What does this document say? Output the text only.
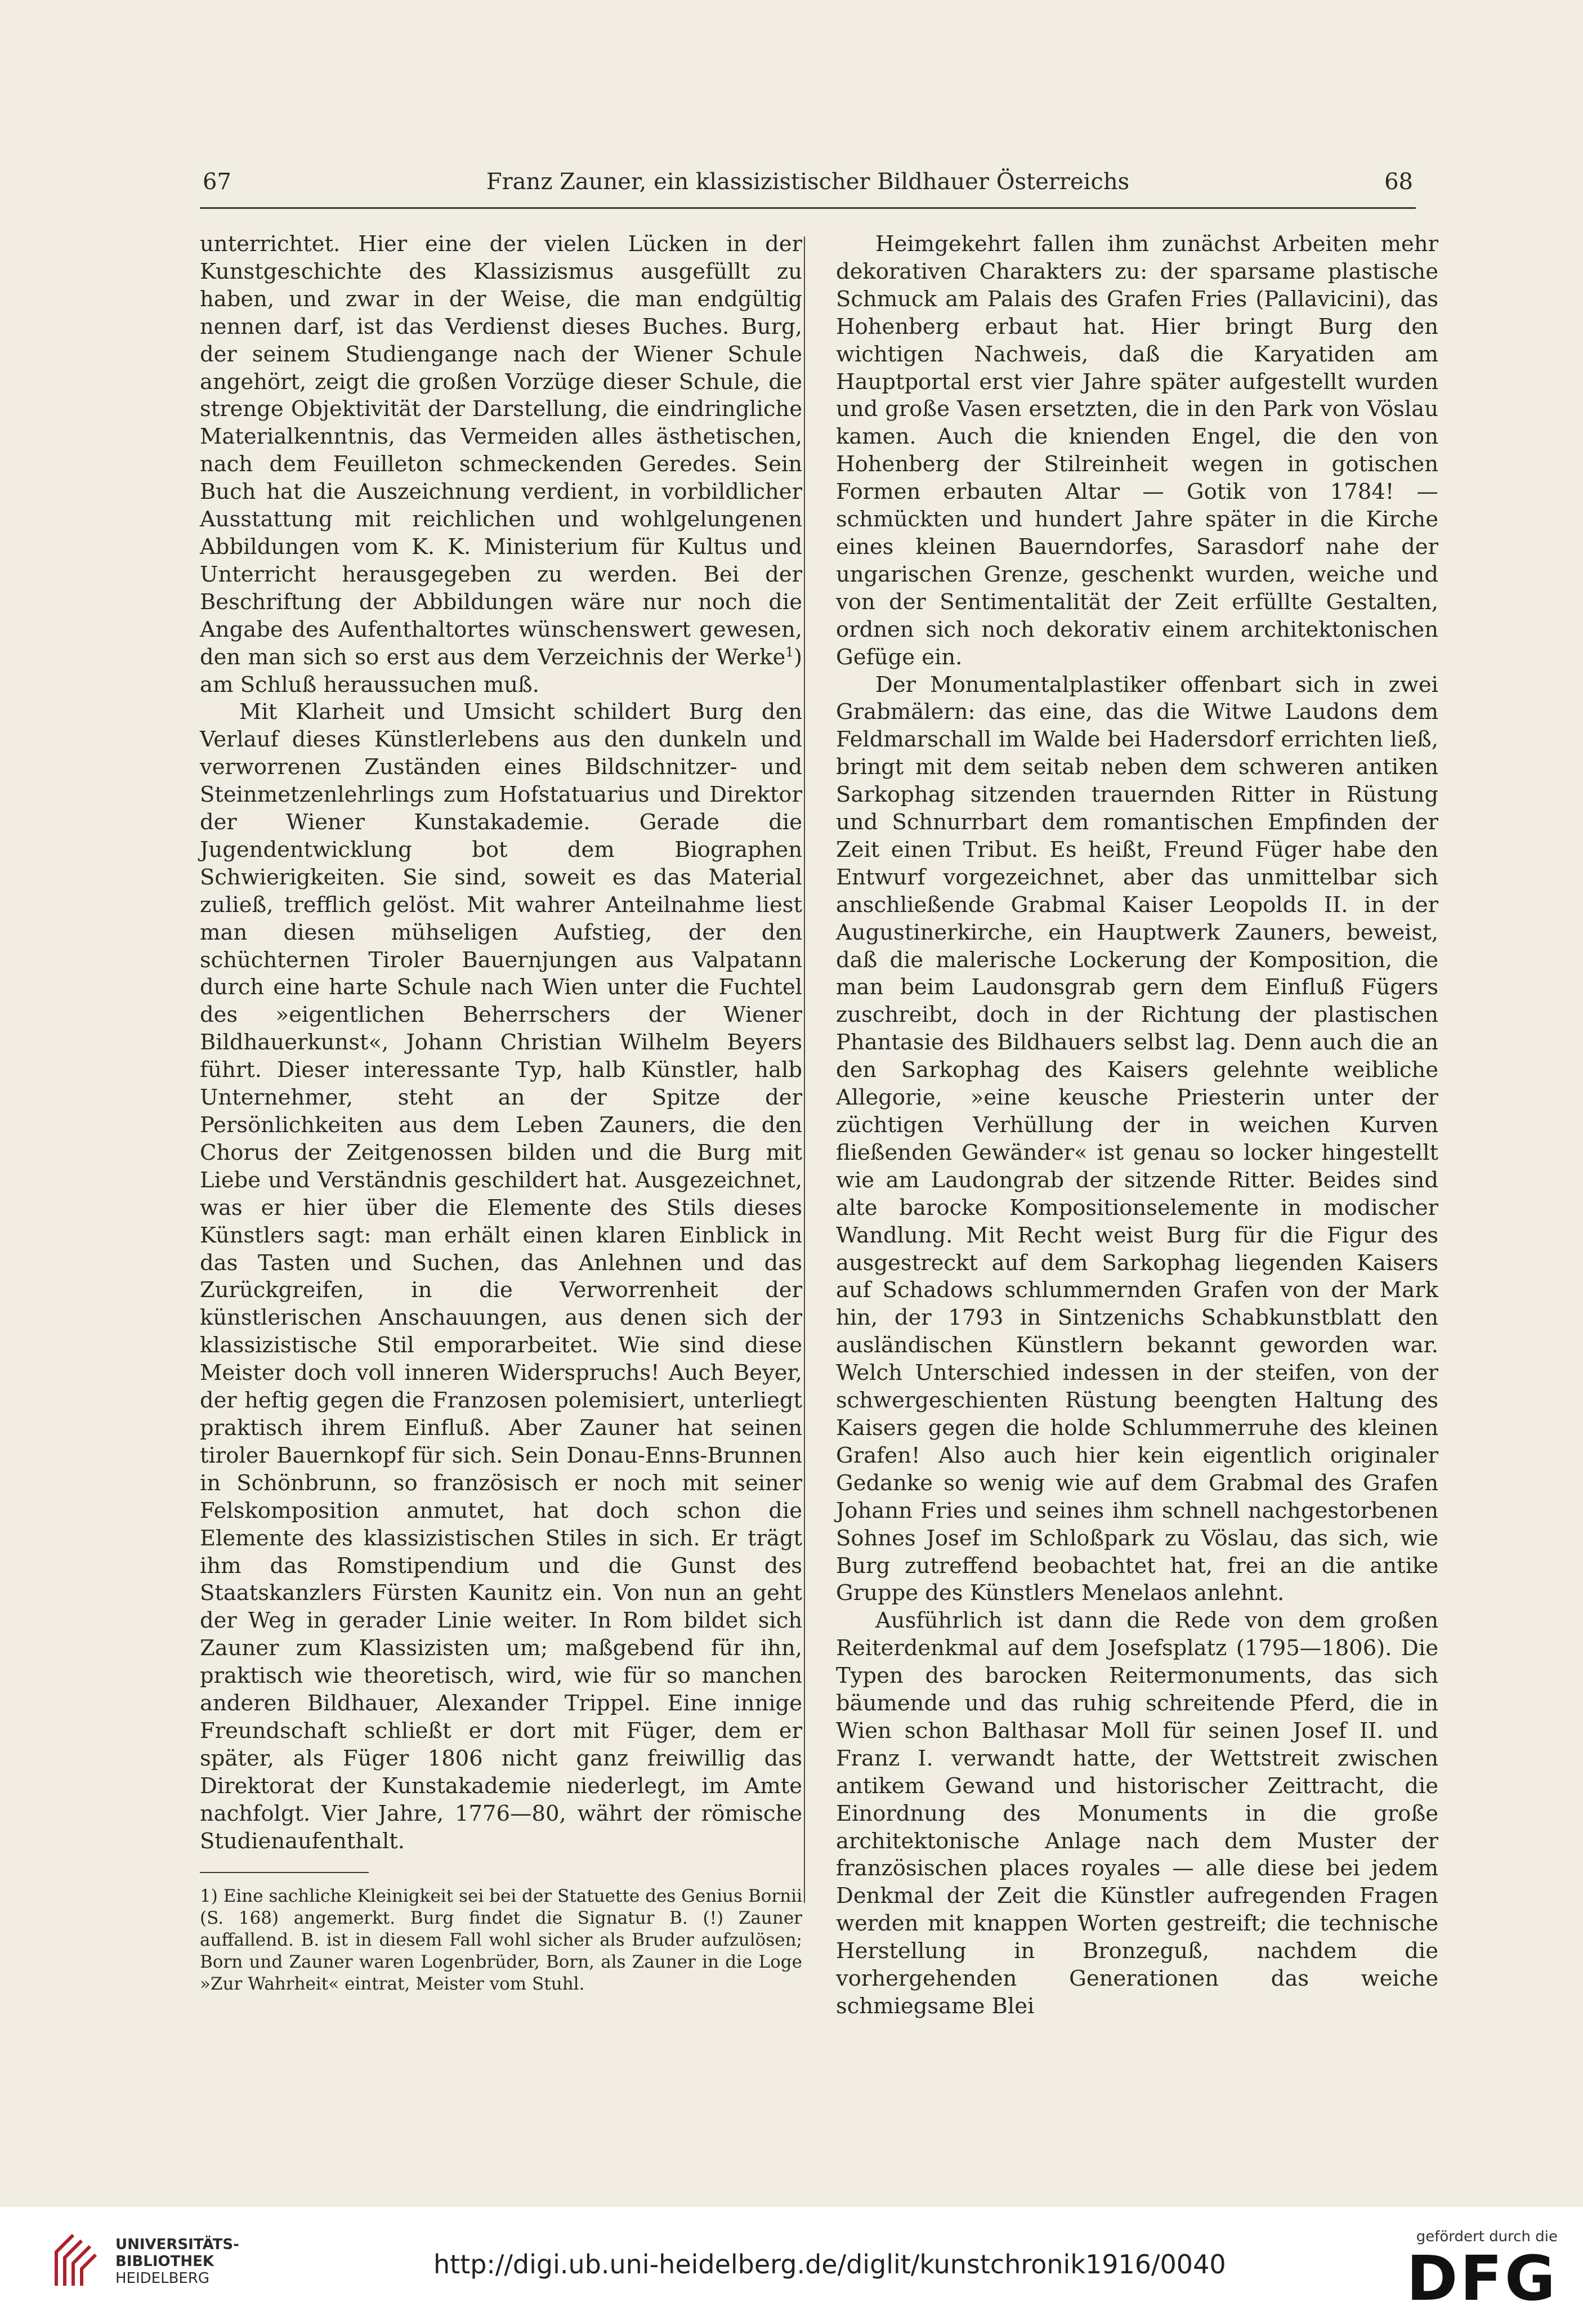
67	Franz Zauner, ein klassizistischer Bildhauer Österreichs	68

unterrichtet. Hier eine der vielen Lücken in der Kunstgeschichte des Klassizismus ausgefüllt zu haben, und zwar in der Weise, die man endgültig nennen darf, ist das Verdienst dieses Buches. Burg, der seinem Studiengange nach der Wiener Schule angehört, zeigt die großen Vorzüge dieser Schule, die strenge Objektivität der Darstellung, die eindringliche Materialkenntnis, das Vermeiden alles ästhetischen, nach dem Feuilleton schmeckenden Geredes. Sein Buch hat die Auszeichnung verdient, in vorbildlicher Ausstattung mit reichlichen und wohlgelungenen Abbildungen vom K. K. Ministerium für Kultus und Unterricht herausgegeben zu werden. Bei der Beschriftung der Abbildungen wäre nur noch die Angabe des Aufenthaltortes wünschenswert gewesen, den man sich so erst aus dem Verzeichnis der Werke$^1$) am Schluß heraussuchen muß.

Mit Klarheit und Umsicht schildert Burg den Verlauf dieses Künstlerlebens aus den dunkeln und verworrenen Zuständen eines Bildschnitzer- und Steinmetzenlehrlings zum Hofstatuarius und Direktor der Wiener Kunstakademie. Gerade die Jugendentwicklung bot dem Biographen Schwierigkeiten. Sie sind, soweit es das Material zuließ, trefflich gelöst. Mit wahrer Anteilnahme liest man diesen mühseligen Aufstieg, der den schüchternen Tiroler Bauernjungen aus Valpatann durch eine harte Schule nach Wien unter die Fuchtel des »eigentlichen Beherrschers der Wiener Bildhauerkunst«, Johann Christian Wilhelm Beyers führt. Dieser interessante Typ, halb Künstler, halb Unternehmer, steht an der Spitze der Persönlichkeiten aus dem Leben Zauners, die den Chorus der Zeitgenossen bilden und die Burg mit Liebe und Verständnis geschildert hat. Ausgezeichnet, was er hier über die Elemente des Stils dieses Künstlers sagt: man erhält einen klaren Einblick in das Tasten und Suchen, das Anlehnen und das Zurückgreifen, in die Verworrenheit der künstlerischen Anschauungen, aus denen sich der klassizistische Stil emporarbeitet. Wie sind diese Meister doch voll inneren Widerspruchs! Auch Beyer, der heftig gegen die Franzosen polemisiert, unterliegt praktisch ihrem Einfluß. Aber Zauner hat seinen tiroler Bauernkopf für sich. Sein Donau-Enns-Brunnen in Schönbrunn, so französisch er noch mit seiner Felskomposition anmutet, hat doch schon die Elemente des klassizistischen Stiles in sich. Er trägt ihm das Romstipendium und die Gunst des Staatskanzlers Fürsten Kaunitz ein. Von nun an geht der Weg in gerader Linie weiter. In Rom bildet sich Zauner zum Klassizisten um; maßgebend für ihn, praktisch wie theoretisch, wird, wie für so manchen anderen Bildhauer, Alexander Trippel. Eine innige Freundschaft schließt er dort mit Füger, dem er später, als Füger 1806 nicht ganz freiwillig das Direktorat der Kunstakademie niederlegt, im Amte nachfolgt. Vier Jahre, 1776—80, währt der römische Studienaufenthalt.

1) Eine sachliche Kleinigkeit sei bei der Statuette des Genius Bornii (S. 168) angemerkt. Burg findet die Signatur B. (!) Zauner auffallend. B. ist in diesem Fall wohl sicher als Bruder aufzulösen; Born und Zauner waren Logenbrüder, Born, als Zauner in die Loge »Zur Wahrheit« eintrat, Meister vom Stuhl.

Heimgekehrt fallen ihm zunächst Arbeiten mehr dekorativen Charakters zu: der sparsame plastische Schmuck am Palais des Grafen Fries (Pallavicini), das Hohenberg erbaut hat. Hier bringt Burg den wichtigen Nachweis, daß die Karyatiden am Hauptportal erst vier Jahre später aufgestellt wurden und große Vasen ersetzten, die in den Park von Vöslau kamen. Auch die knienden Engel, die den von Hohenberg der Stilreinheit wegen in gotischen Formen erbauten Altar — Gotik von 1784! — schmückten und hundert Jahre später in die Kirche eines kleinen Bauerndorfes, Sarasdorf nahe der ungarischen Grenze, geschenkt wurden, weiche und von der Sentimentalität der Zeit erfüllte Gestalten, ordnen sich noch dekorativ einem architektonischen Gefüge ein.

Der Monumentalplastiker offenbart sich in zwei Grabmälern: das eine, das die Witwe Laudons dem Feldmarschall im Walde bei Hadersdorf errichten ließ, bringt mit dem seitab neben dem schweren antiken Sarkophag sitzenden trauernden Ritter in Rüstung und Schnurrbart dem romantischen Empfinden der Zeit einen Tribut. Es heißt, Freund Füger habe den Entwurf vorgezeichnet, aber das unmittelbar sich anschließende Grabmal Kaiser Leopolds II. in der Augustinerkirche, ein Hauptwerk Zauners, beweist, daß die malerische Lockerung der Komposition, die man beim Laudonsgrab gern dem Einfluß Fügers zuschreibt, doch in der Richtung der plastischen Phantasie des Bildhauers selbst lag. Denn auch die an den Sarkophag des Kaisers gelehnte weibliche Allegorie, »eine keusche Priesterin unter der züchtigen Verhüllung der in weichen Kurven fließenden Gewänder« ist genau so locker hingestellt wie am Laudongrab der sitzende Ritter. Beides sind alte barocke Kompositionselemente in modischer Wandlung. Mit Recht weist Burg für die Figur des ausgestreckt auf dem Sarkophag liegenden Kaisers auf Schadows schlummernden Grafen von der Mark hin, der 1793 in Sintzenichs Schabkunstblatt den ausländischen Künstlern bekannt geworden war. Welch Unterschied indessen in der steifen, von der schwergeschienten Rüstung beengten Haltung des Kaisers gegen die holde Schlummerruhe des kleinen Grafen! Also auch hier kein eigentlich originaler Gedanke so wenig wie auf dem Grabmal des Grafen Johann Fries und seines ihm schnell nachgestorbenen Sohnes Josef im Schloßpark zu Vöslau, das sich, wie Burg zutreffend beobachtet hat, frei an die antike Gruppe des Künstlers Menelaos anlehnt.

Ausführlich ist dann die Rede von dem großen Reiterdenkmal auf dem Josefsplatz (1795—1806). Die Typen des barocken Reitermonuments, das sich bäumende und das ruhig schreitende Pferd, die in Wien schon Balthasar Moll für seinen Josef II. und Franz I. verwandt hatte, der Wettstreit zwischen antikem Gewand und historischer Zeittracht, die Einordnung des Monuments in die große architektonische Anlage nach dem Muster der französischen places royales — alle diese bei jedem Denkmal der Zeit die Künstler aufregenden Fragen werden mit knappen Worten gestreift; die technische Herstellung in Bronzeguß, nachdem die vorhergehenden Generationen das weiche schmiegsame Blei

UNIVERSITÄTS-
BIBLIOTHEK
HEIDELBERG	http://digi.ub.uni-heidelberg.de/diglit/kunstchronik1916/0040
gefördert durch die
DFG
